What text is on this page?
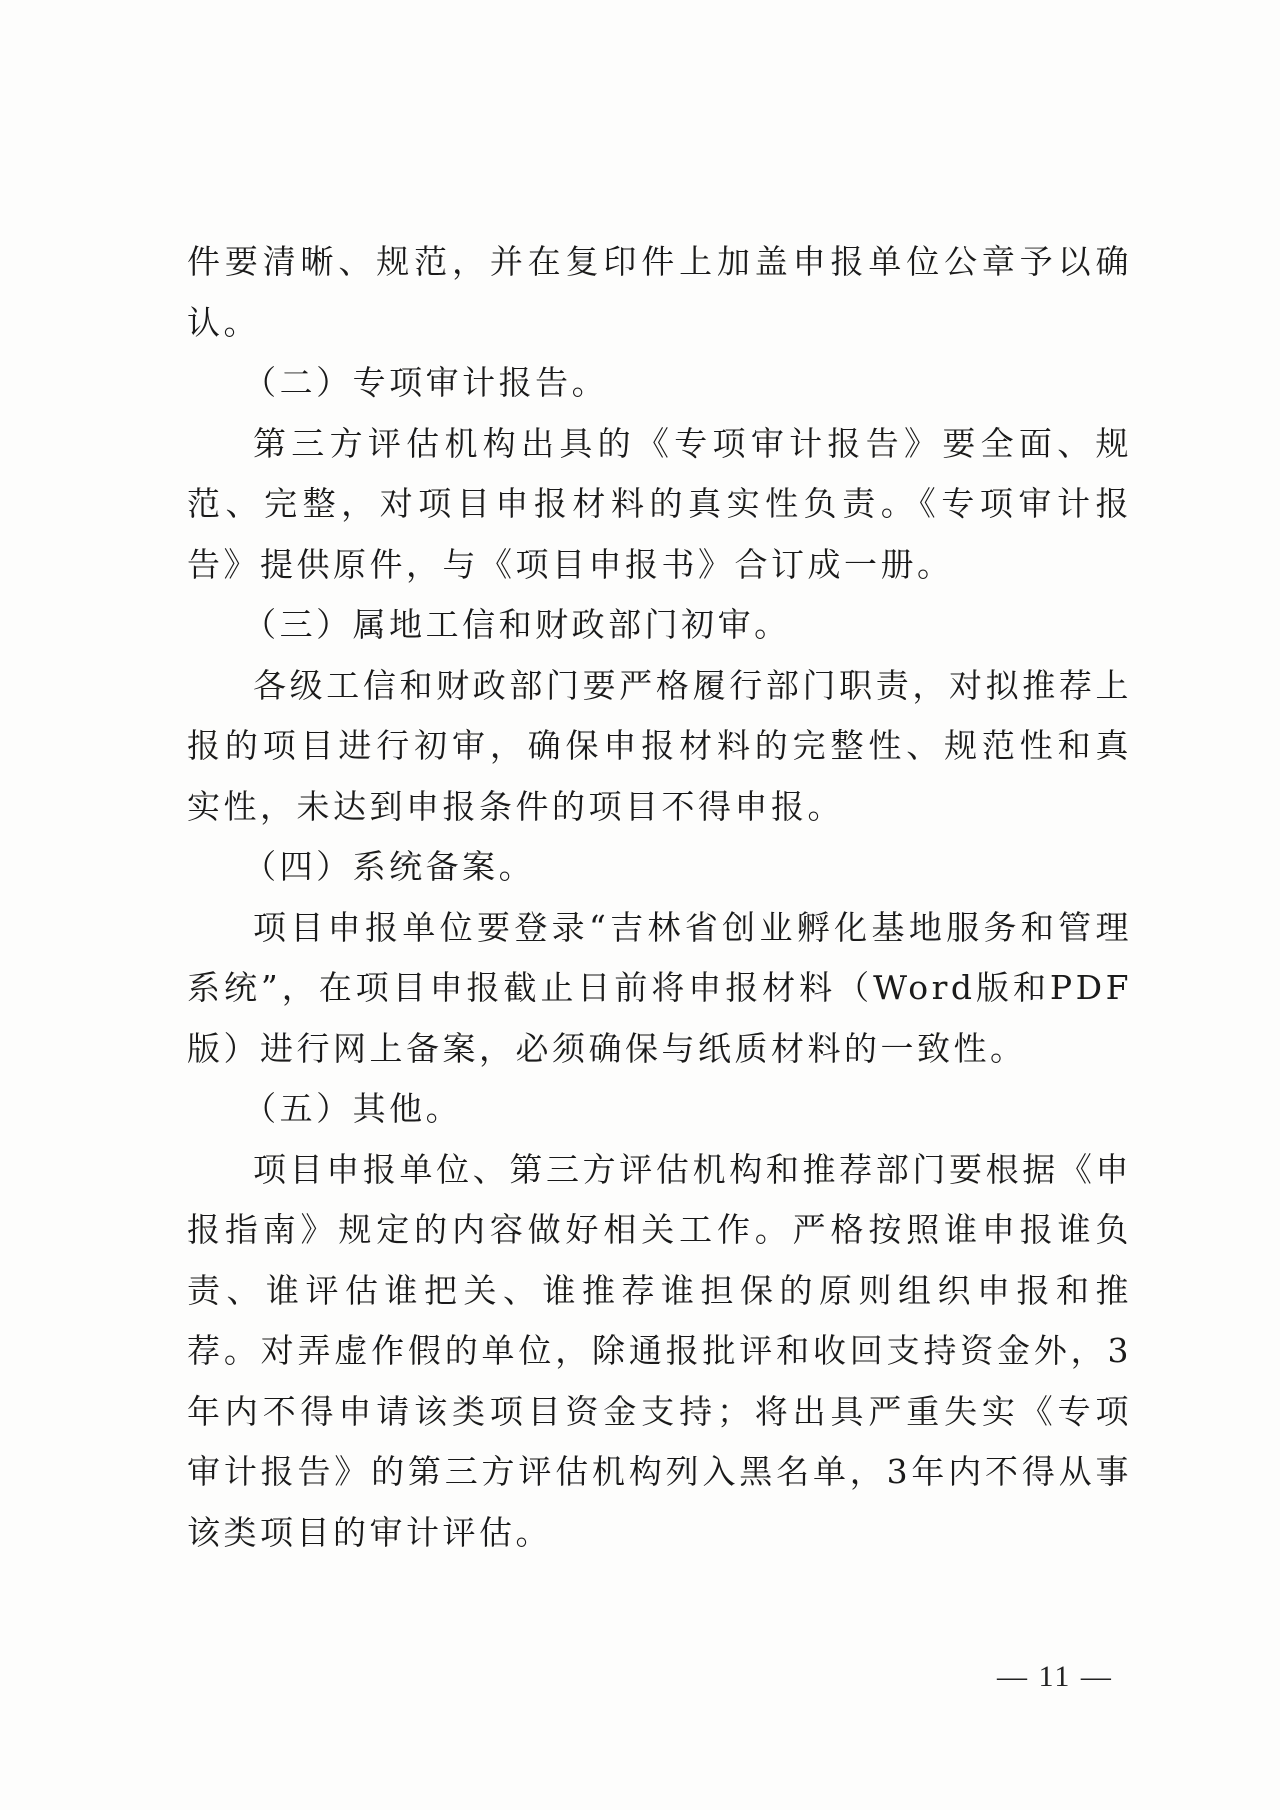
件要清晰、规范，并在复印件上加盖申报单位公章予以确认。

（二）专项审计报告。

第三方评估机构出具的《专项审计报告》要全面、规范、完整，对项目申报材料的真实性负责。《专项审计报告》提供原件，与《项目申报书》合订成一册。

（三）属地工信和财政部门初审。

各级工信和财政部门要严格履行部门职责，对拟推荐上报的项目进行初审，确保申报材料的完整性、规范性和真实性，未达到申报条件的项目不得申报。

（四）系统备案。

项目申报单位要登录“吉林省创业孵化基地服务和管理系统”，在项目申报截止日前将申报材料（Word版和PDF版）进行网上备案，必须确保与纸质材料的一致性。

（五）其他。

项目申报单位、第三方评估机构和推荐部门要根据《申报指南》规定的内容做好相关工作。严格按照谁申报谁负责、谁评估谁把关、谁推荐谁担保的原则组织申报和推荐。对弄虚作假的单位，除通报批评和收回支持资金外，3年内不得申请该类项目资金支持；将出具严重失实《专项审计报告》的第三方评估机构列入黑名单，3年内不得从事该类项目的审计评估。

— 11 —
